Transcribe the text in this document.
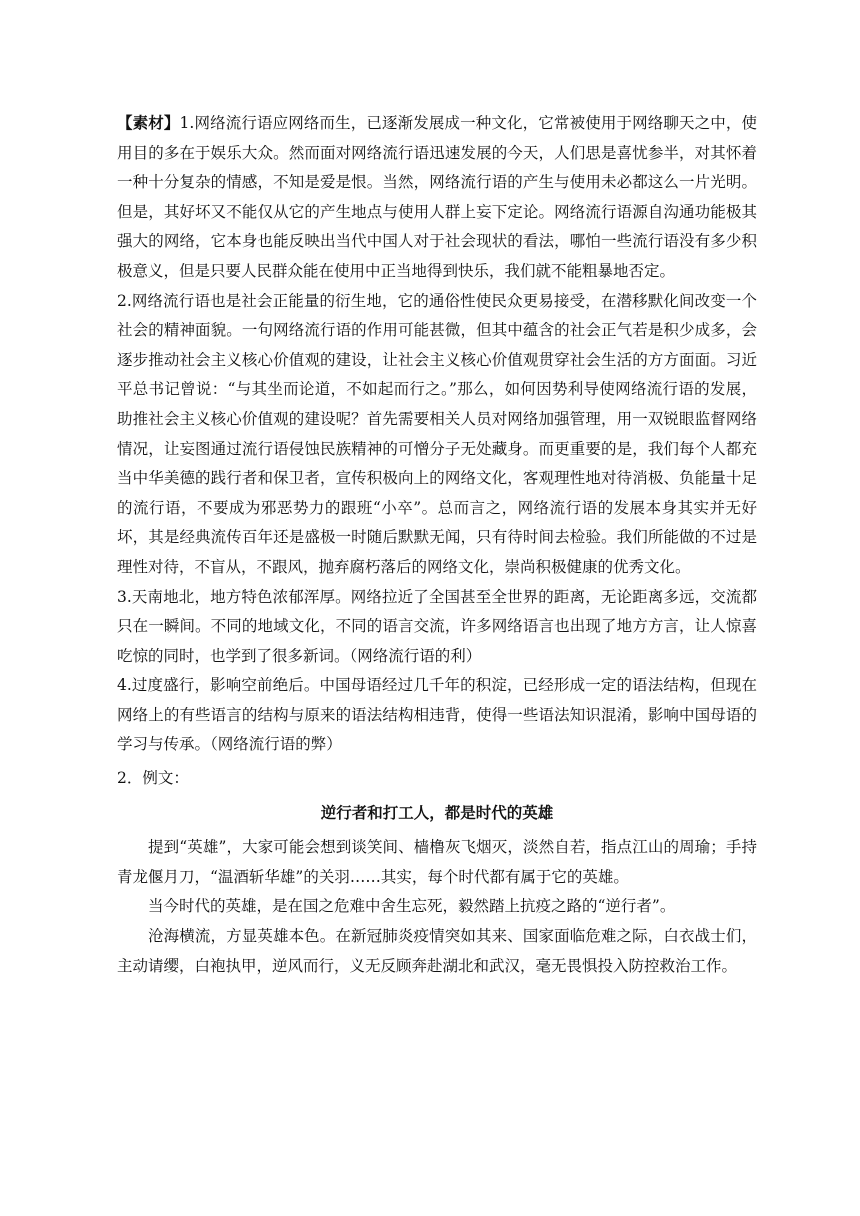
【素材】1.网络流行语应网络而生，已逐渐发展成一种文化，它常被使用于网络聊天之中，使用目的多在于娱乐大众。然而面对网络流行语迅速发展的今天，人们思是喜忧参半，对其怀着一种十分复杂的情感，不知是爱是恨。当然，网络流行语的产生与使用未必都这么一片光明。但是，其好坏又不能仅从它的产生地点与使用人群上妄下定论。网络流行语源自沟通功能极其强大的网络，它本身也能反映出当代中国人对于社会现状的看法，哪怕一些流行语没有多少积极意义，但是只要人民群众能在使用中正当地得到快乐，我们就不能粗暴地否定。

2.网络流行语也是社会正能量的衍生地，它的通俗性使民众更易接受，在潜移默化间改变一个社会的精神面貌。一句网络流行语的作用可能甚微，但其中蕴含的社会正气若是积少成多，会逐步推动社会主义核心价值观的建设，让社会主义核心价值观贯穿社会生活的方方面面。习近平总书记曾说：“与其坐而论道，不如起而行之。”那么，如何因势利导使网络流行语的发展，助推社会主义核心价值观的建设呢？首先需要相关人员对网络加强管理，用一双锐眼监督网络情况，让妄图通过流行语侵蚀民族精神的可憎分子无处藏身。而更重要的是，我们每个人都充当中华美德的践行者和保卫者，宣传积极向上的网络文化，客观理性地对待消极、负能量十足的流行语，不要成为邪恶势力的跟班“小卒”。总而言之，网络流行语的发展本身其实并无好坏，其是经典流传百年还是盛极一时随后默默无闻，只有待时间去检验。我们所能做的不过是理性对待，不盲从，不跟风，抛弃腐朽落后的网络文化，崇尚积极健康的优秀文化。

3.天南地北，地方特色浓郁浑厚。网络拉近了全国甚至全世界的距离，无论距离多远，交流都只在一瞬间。不同的地域文化，不同的语言交流，许多网络语言也出现了地方方言，让人惊喜吃惊的同时，也学到了很多新词。（网络流行语的利）

4.过度盛行，影响空前绝后。中国母语经过几千年的积淀，已经形成一定的语法结构，但现在网络上的有些语言的结构与原来的语法结构相违背，使得一些语法知识混淆，影响中国母语的学习与传承。（网络流行语的弊）

2．例文：

逆行者和打工人，都是时代的英雄

提到“英雄”，大家可能会想到谈笑间、樯橹灰飞烟灭，淡然自若，指点江山的周瑜；手持青龙偃月刀，“温酒斩华雄”的关羽……其实，每个时代都有属于它的英雄。

当今时代的英雄，是在国之危难中舍生忘死，毅然踏上抗疫之路的“逆行者”。

沧海横流，方显英雄本色。在新冠肺炎疫情突如其来、国家面临危难之际，白衣战士们，主动请缨，白袍执甲，逆风而行，义无反顾奔赴湖北和武汉，毫无畏惧投入防控救治工作。
